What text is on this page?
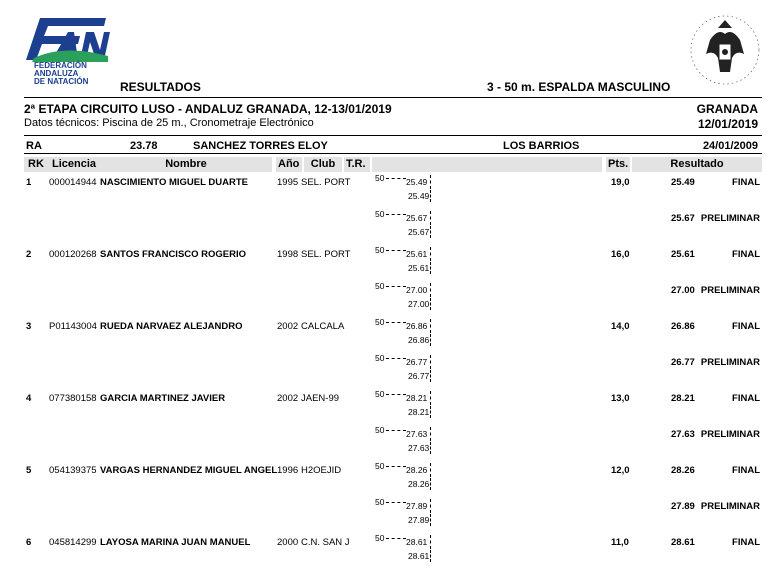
FEDERACIÓN
ANDALUZA
DE NATACIÓN	RESULTADOS	3 - 50 m. ESPALDA MASCULINO
2ª ETAPA CIRCUITO LUSO - ANDALUZ GRANADA, 12-13/01/2019
Datos técnicos: Piscina de 25 m., Cronometraje Electrónico
GRANADA
12/01/2019
RA	23.78	SANCHEZ TORRES ELOY	LOS BARRIOS	24/01/2009
RK Licencia	Nombre	Año	Club T.R.	Pts.	Resultado
1 000014944 NASCIMIENTO MIGUEL DUARTE	1995 SEL. PORT	19,0	25.49	FINAL
50	25.49
25.49
25.67 PRELIMINAR
50	25.67
25.67
2 000120268 SANTOS FRANCISCO ROGERIO	1998 SEL. PORT	16,0	25.61	FINAL
50	25.61
25.61
27.00 PRELIMINAR
50	27.00
27.00
3 P01143004 RUEDA NARVAEZ ALEJANDRO	2002 CALCALA	14,0	26.86	FINAL
50	26.86
26.86
26.77 PRELIMINAR
50	26.77
26.77
4 077380158 GARCIA MARTINEZ JAVIER	2002 JAEN-99	13,0	28.21	FINAL
50	28.21
28.21
27.63 PRELIMINAR
50	27.63
27.63
5 054139375 VARGAS HERNANDEZ MIGUEL ANGEL 1996 H2OEJID	12,0	28.26	FINAL
50	28.26
28.26
27.89 PRELIMINAR
50	27.89
27.89
6 045814299 LAYOSA MARINA JUAN MANUEL	2000 C.N. SAN J	11,0	28.61	FINAL
50	28.61
28.61
